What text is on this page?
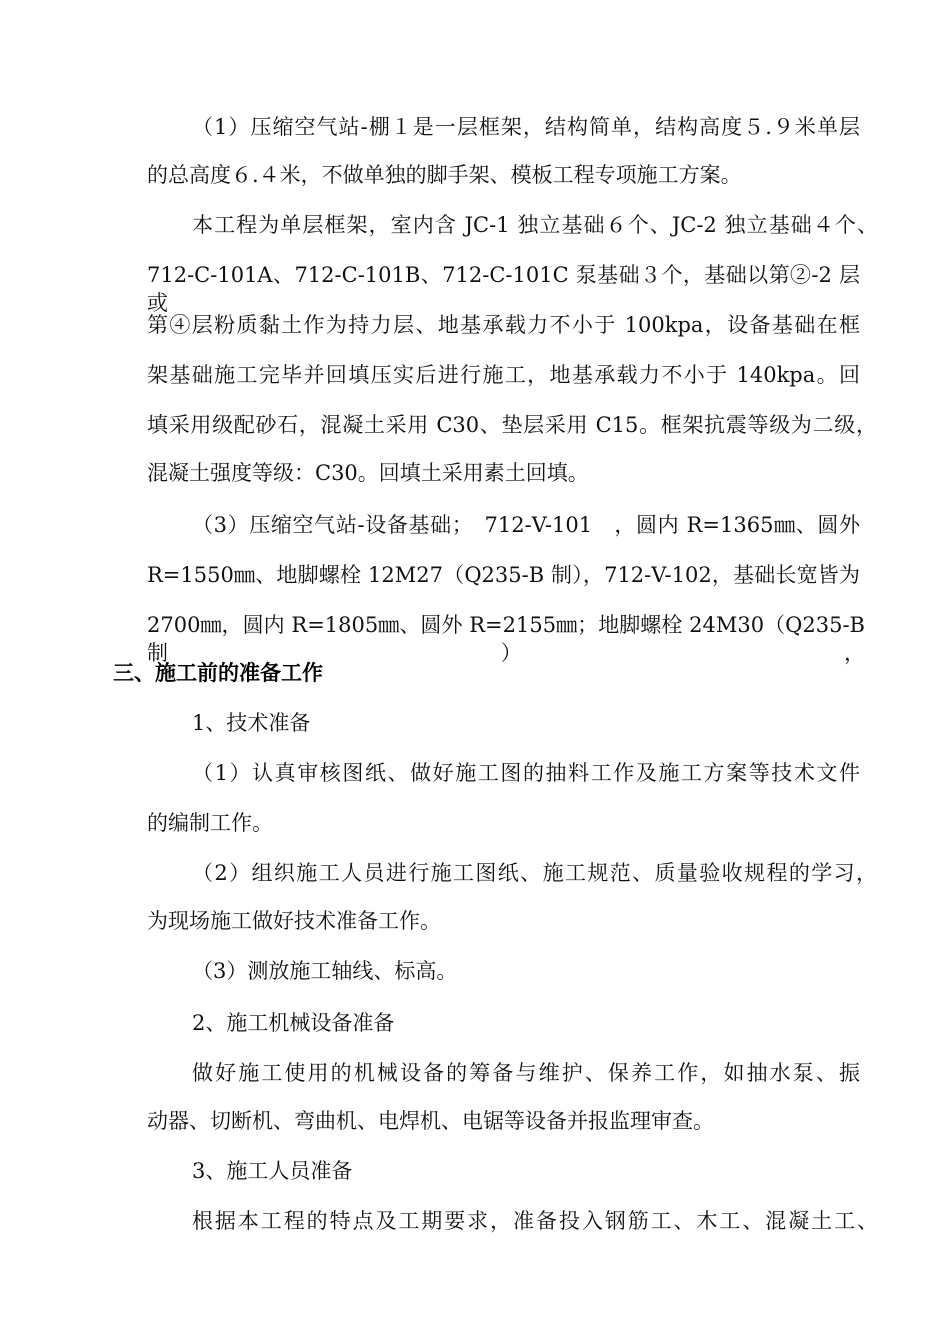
（1）压缩空气站-棚１是一层框架，结构简单，结构高度５.９米单层
的总高度６.４米，不做单独的脚手架、模板工程专项施工方案。
本工程为单层框架，室内含 JC-1 独立基础６个、JC-2 独立基础４个、
712-C-101A、712-C-101B、712-C-101C 泵基础３个，基础以第②-2 层或
第④层粉质黏土作为持力层、地基承载力不小于 100kpa，设备基础在框
架基础施工完毕并回填压实后进行施工，地基承载力不小于 140kpa。回
填采用级配砂石，混凝土采用 C30、垫层采用 C15。框架抗震等级为二级，
混凝土强度等级：C30。回填土采用素土回填。
（3）压缩空气站-设备基础；　712-V-101　，圆内 R=1365㎜、圆外
R=1550㎜、地脚螺栓 12M27（Q235-B 制），712-V-102，基础长宽皆为
2700㎜，圆内 R=1805㎜、圆外 R=2155㎜；地脚螺栓 24M30（Q235-B 制），
三、施工前的准备工作
1、技术准备
（1）认真审核图纸、做好施工图的抽料工作及施工方案等技术文件
的编制工作。
（2）组织施工人员进行施工图纸、施工规范、质量验收规程的学习，
为现场施工做好技术准备工作。
（3）测放施工轴线、标高。
2、施工机械设备准备
做好施工使用的机械设备的筹备与维护、保养工作，如抽水泵、振
动器、切断机、弯曲机、电焊机、电锯等设备并报监理审查。
3、施工人员准备
根据本工程的特点及工期要求，准备投入钢筋工、木工、混凝土工、
